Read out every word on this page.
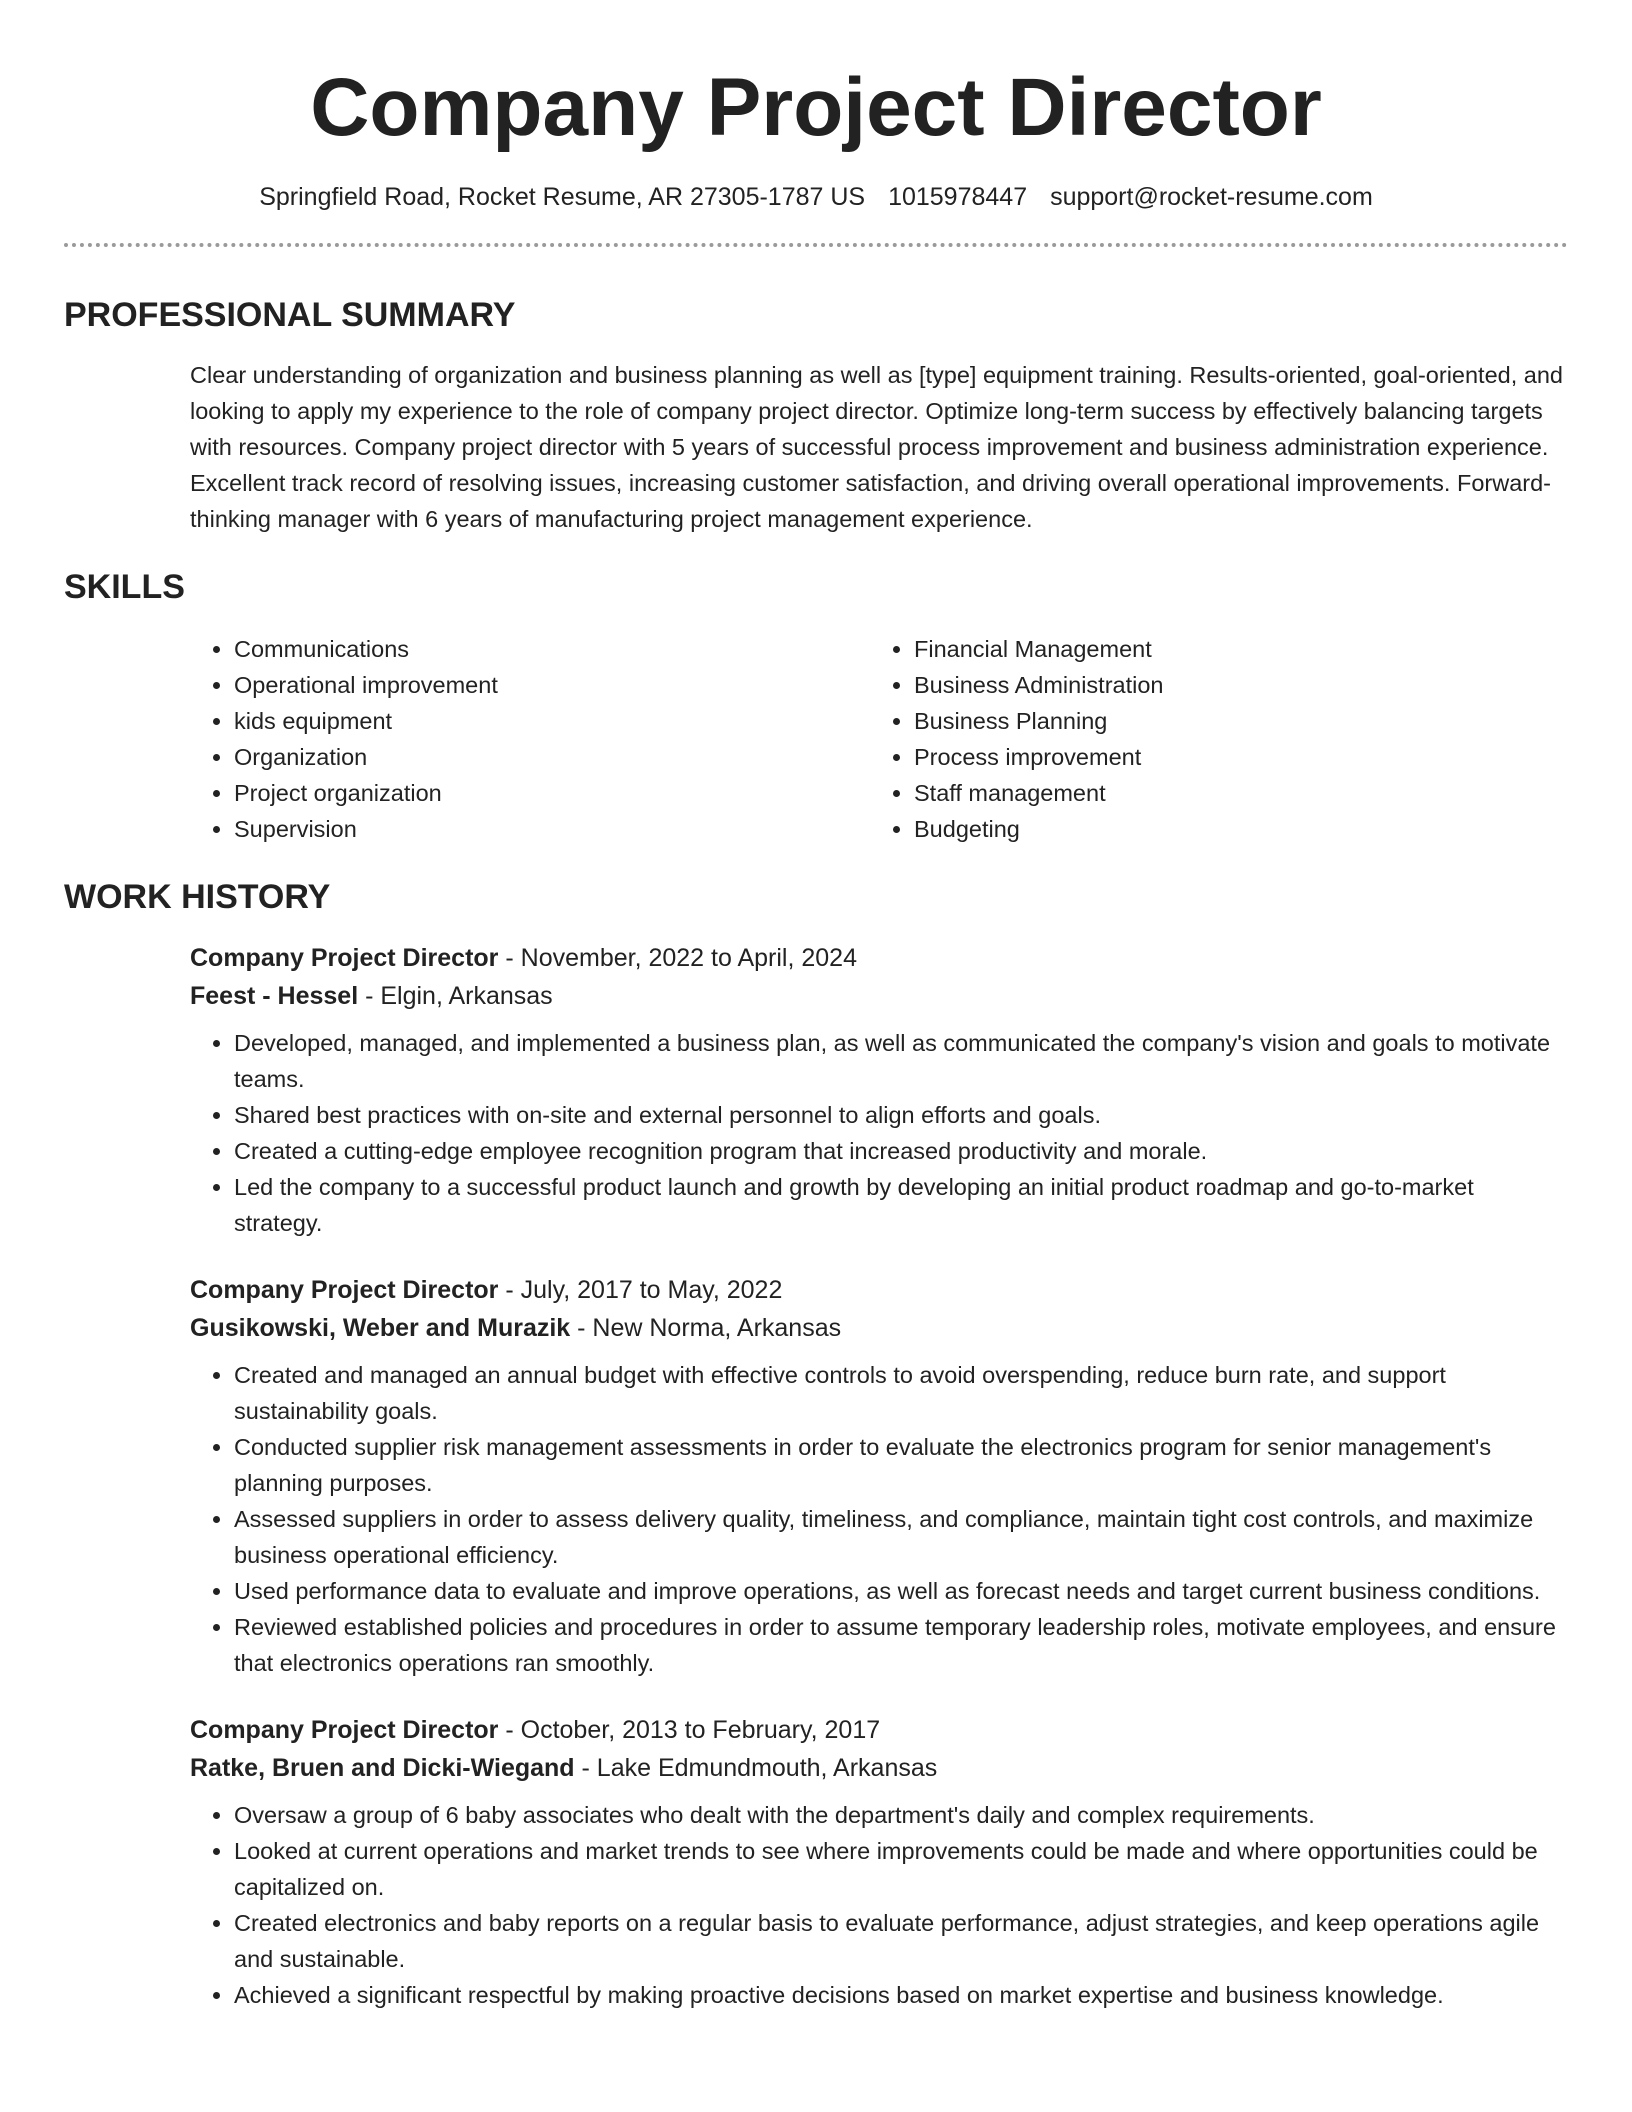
Company Project Director
Springfield Road, Rocket Resume, AR 27305-1787 US 1015978447 support@rocket-resume.com
PROFESSIONAL SUMMARY

Clear understanding of organization and business planning as well as [type] equipment training. Results-oriented, goal-oriented, and looking to apply my experience to the role of company project director. Optimize long-term success by effectively balancing targets with resources. Company project director with 5 years of successful process improvement and business administration experience. Excellent track record of resolving issues, increasing customer satisfaction, and driving overall operational improvements. Forward-thinking manager with 6 years of manufacturing project management experience.

SKILLS
• Communications
• Operational improvement
• kids equipment
• Organization
• Project organization
• Supervision
• Financial Management
• Business Administration
• Business Planning
• Process improvement
• Staff management
• Budgeting
WORK HISTORY
Company Project Director - November, 2022 to April, 2024
Feest - Hessel - Elgin, Arkansas
• Developed, managed, and implemented a business plan, as well as communicated the company's vision and goals to motivate teams.
• Shared best practices with on-site and external personnel to align efforts and goals.
• Created a cutting-edge employee recognition program that increased productivity and morale.
• Led the company to a successful product launch and growth by developing an initial product roadmap and go-to-market strategy.
Company Project Director - July, 2017 to May, 2022
Gusikowski, Weber and Murazik - New Norma, Arkansas
• Created and managed an annual budget with effective controls to avoid overspending, reduce burn rate, and support sustainability goals.
• Conducted supplier risk management assessments in order to evaluate the electronics program for senior management's planning purposes.
• Assessed suppliers in order to assess delivery quality, timeliness, and compliance, maintain tight cost controls, and maximize business operational efficiency.
• Used performance data to evaluate and improve operations, as well as forecast needs and target current business conditions.
• Reviewed established policies and procedures in order to assume temporary leadership roles, motivate employees, and ensure that electronics operations ran smoothly.
Company Project Director - October, 2013 to February, 2017
Ratke, Bruen and Dicki-Wiegand - Lake Edmundmouth, Arkansas
• Oversaw a group of 6 baby associates who dealt with the department's daily and complex requirements.
• Looked at current operations and market trends to see where improvements could be made and where opportunities could be capitalized on.
• Created electronics and baby reports on a regular basis to evaluate performance, adjust strategies, and keep operations agile and sustainable.
• Achieved a significant respectful by making proactive decisions based on market expertise and business knowledge.
